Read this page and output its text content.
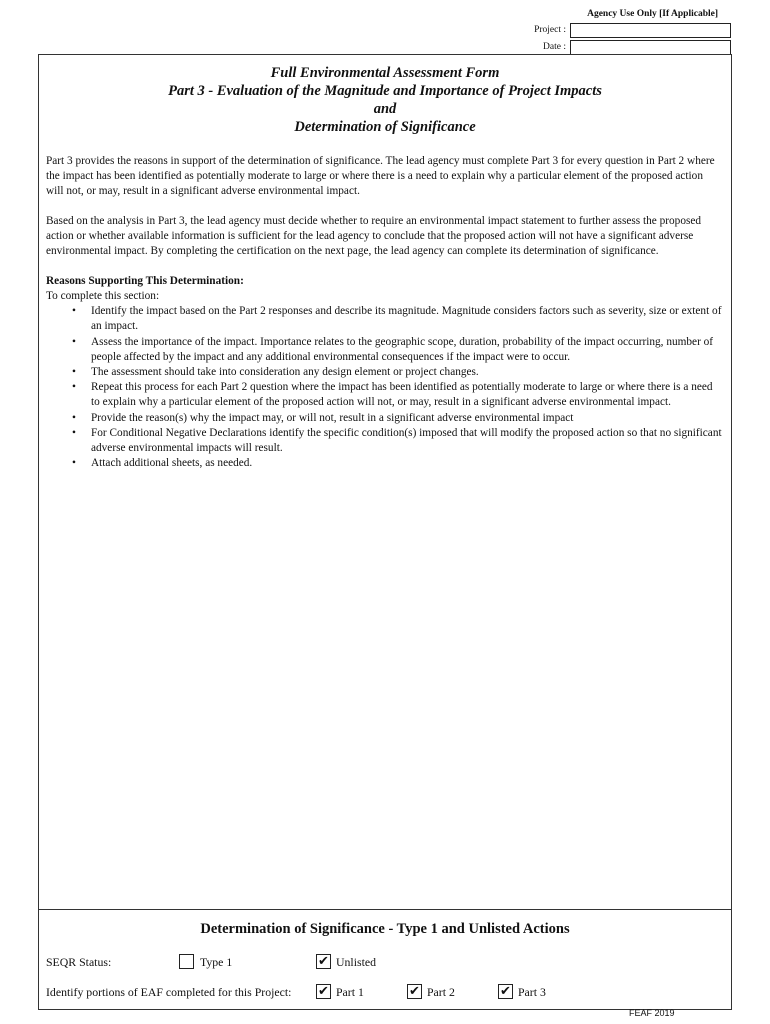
Agency Use Only [If Applicable]
Project :
Date :
Full Environmental Assessment Form
Part 3 - Evaluation of the Magnitude and Importance of Project Impacts
and
Determination of Significance

Part 3 provides the reasons in support of the determination of significance. The lead agency must complete Part 3 for every question in Part 2 where the impact has been identified as potentially moderate to large or where there is a need to explain why a particular element of the proposed action will not, or may, result in a significant adverse environmental impact.

Based on the analysis in Part 3, the lead agency must decide whether to require an environmental impact statement to further assess the proposed action or whether available information is sufficient for the lead agency to conclude that the proposed action will not have a significant adverse environmental impact. By completing the certification on the next page, the lead agency can complete its determination of significance.

Reasons Supporting This Determination:
To complete this section:
• Identify the impact based on the Part 2 responses and describe its magnitude. Magnitude considers factors such as severity, size or extent of an impact.
• Assess the importance of the impact. Importance relates to the geographic scope, duration, probability of the impact occurring, number of people affected by the impact and any additional environmental consequences if the impact were to occur.
• The assessment should take into consideration any design element or project changes.
• Repeat this process for each Part 2 question where the impact has been identified as potentially moderate to large or where there is a need to explain why a particular element of the proposed action will not, or may, result in a significant adverse environmental impact.
• Provide the reason(s) why the impact may, or will not, result in a significant adverse environmental impact
• For Conditional Negative Declarations identify the specific condition(s) imposed that will modify the proposed action so that no significant adverse environmental impacts will result.
• Attach additional sheets, as needed.
Determination of Significance - Type 1 and Unlisted Actions
SEQR Status:	Type 1	✔ Unlisted
Identify portions of EAF completed for this Project: ✔ Part 1	✔ Part 2	✔ Part 3
FEAF 2019
